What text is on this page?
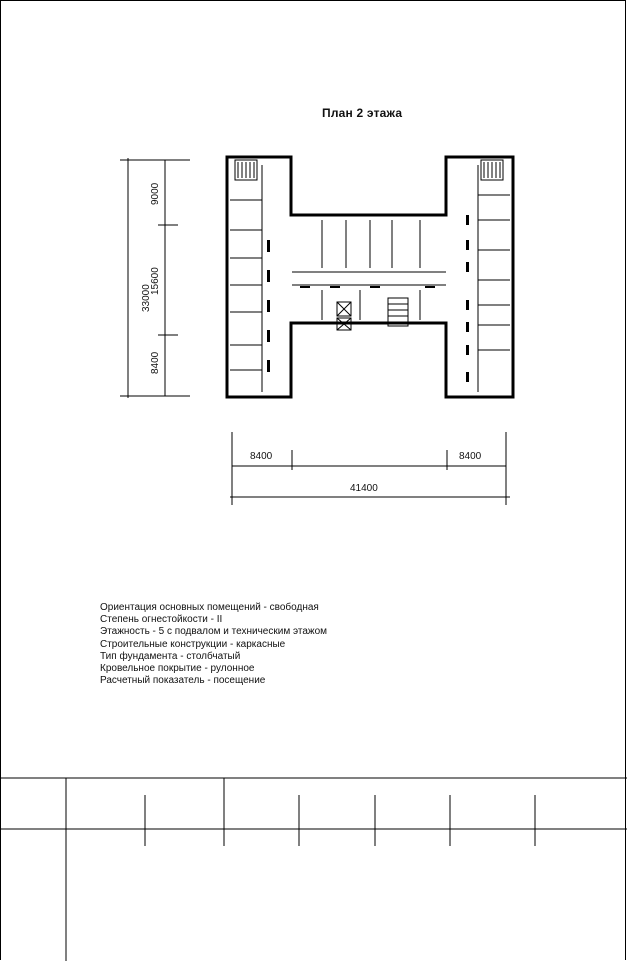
План 2 этажа
33000
9000
15600
8400
8400	8400
41400
Ориентация основных помещений - свободная
Степень огнестойкости - II
Этажность - 5 с подвалом и техническим этажом
Строительные конструкции - каркасные
Тип фундамента - столбчатый
Кровельное покрытие - рулонное
Расчетный показатель - посещение
